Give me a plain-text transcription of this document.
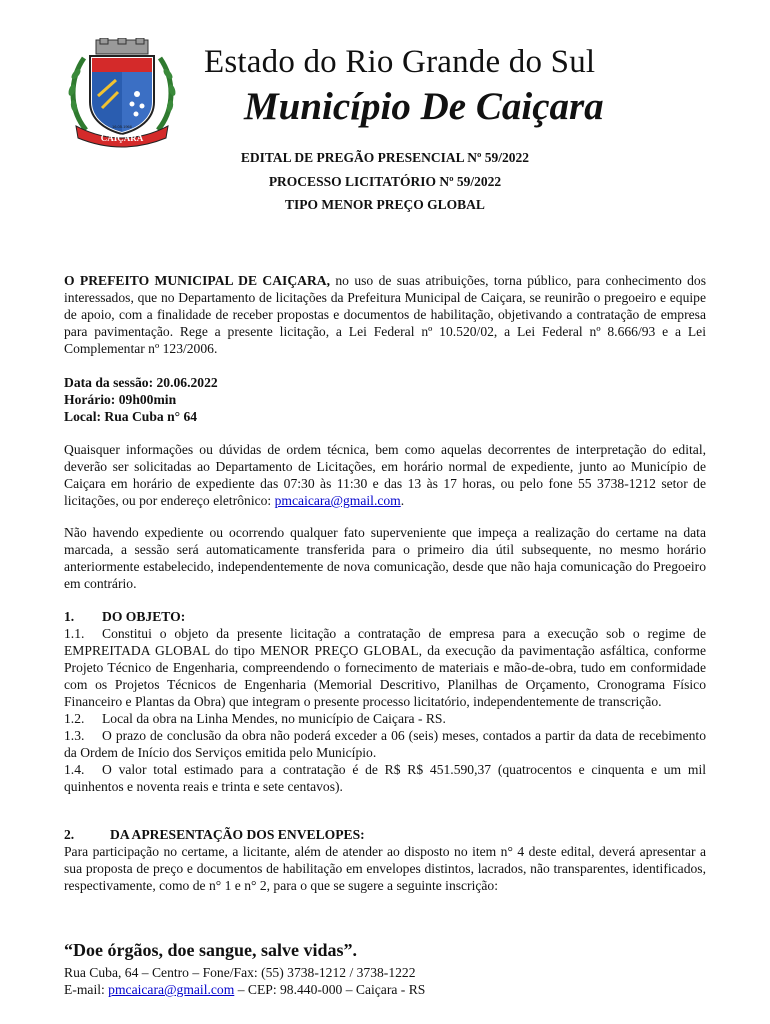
CAIÇARA
16.05.1966
Estado do Rio Grande do Sul
Município De Caiçara
EDITAL DE PREGÃO PRESENCIAL Nº 59/2022
PROCESSO LICITATÓRIO Nº 59/2022
TIPO MENOR PREÇO GLOBAL
O PREFEITO MUNICIPAL DE CAIÇARA, no uso de suas atribuições, torna público, para conhecimento dos interessados, que no Departamento de licitações da Prefeitura Municipal de Caiçara, se reunirão o pregoeiro e equipe de apoio, com a finalidade de receber propostas e documentos de habilitação, objetivando a contratação de empresa para pavimentação. Rege a presente licitação, a Lei Federal nº 10.520/02, a Lei Federal nº 8.666/93 e a Lei Complementar nº 123/2006.
Data da sessão: 20.06.2022
Horário: 09h00min
Local: Rua Cuba n° 64
Quaisquer informações ou dúvidas de ordem técnica, bem como aquelas decorrentes de interpretação do edital, deverão ser solicitadas ao Departamento de Licitações, em horário normal de expediente, junto ao Município de Caiçara em horário de expediente das 07:30 às 11:30 e das 13 às 17 horas, ou pelo fone 55 3738-1212 setor de licitações, ou por endereço eletrônico: pmcaicara@gmail.com.
Não havendo expediente ou ocorrendo qualquer fato superveniente que impeça a realização do certame na data marcada, a sessão será automaticamente transferida para o primeiro dia útil subsequente, no mesmo horário anteriormente estabelecido, independentemente de nova comunicação, desde que não haja comunicação do Pregoeiro em contrário.
1. DO OBJETO:
1.1. Constitui o objeto da presente licitação a contratação de empresa para a execução sob o regime de EMPREITADA GLOBAL do tipo MENOR PREÇO GLOBAL, da execução da pavimentação asfáltica, conforme Projeto Técnico de Engenharia, compreendendo o fornecimento de materiais e mão-de-obra, tudo em conformidade com os Projetos Técnicos de Engenharia (Memorial Descritivo, Planilhas de Orçamento, Cronograma Físico Financeiro e Plantas da Obra) que integram o presente processo licitatório, independentemente de transcrição.
1.2. Local da obra na Linha Mendes, no município de Caiçara - RS.
1.3. O prazo de conclusão da obra não poderá exceder a 06 (seis) meses, contados a partir da data de recebimento da Ordem de Início dos Serviços emitida pelo Município.
1.4. O valor total estimado para a contratação é de R$ R$ 451.590,37 (quatrocentos e cinquenta e um mil quinhentos e noventa reais e trinta e sete centavos).
2.	DA APRESENTAÇÃO DOS ENVELOPES:
Para participação no certame, a licitante, além de atender ao disposto no item n° 4 deste edital, deverá apresentar a sua proposta de preço e documentos de habilitação em envelopes distintos, lacrados, não transparentes, identificados, respectivamente, como de n° 1 e n° 2, para o que se sugere a seguinte inscrição:
“Doe órgãos, doe sangue, salve vidas”.
Rua Cuba, 64 – Centro – Fone/Fax: (55) 3738-1212 / 3738-1222
E-mail: pmcaicara@gmail.com – CEP: 98.440-000 – Caiçara - RS
